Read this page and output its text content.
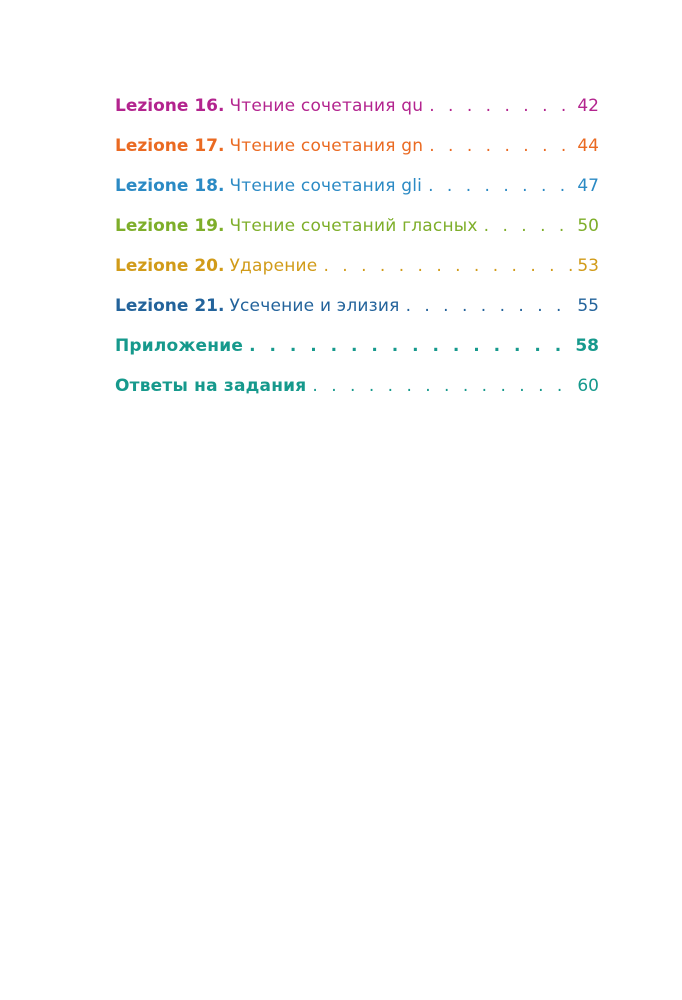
Lezione 16 . Чтение сочетания qu . . .	42
Lezione 17 . Чтение сочетания gn . . .	44
Lezione 18 . Чтение сочетания gli . . .	47
Lezione 19 . Чтение сочетаний гласных . . .	50
Lezione 20 . Ударение . . .	53
Lezione 21 . Усечение и элизия . . .	55
Приложение . . .	58
Ответы на задания . . .	60
